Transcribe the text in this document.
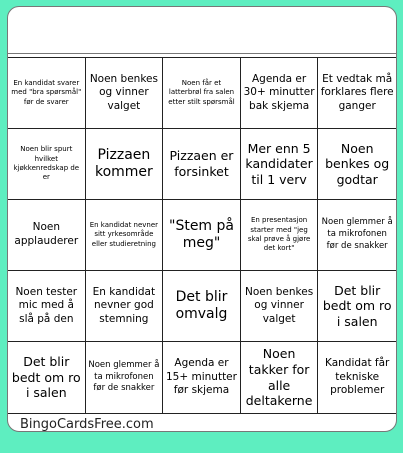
En kandidat svarer med "bra spørsmål" før de svarer
Noen benkes og vinner valget
Noen får et latterbrøl fra salen etter stilt spørsmål
Agenda er 30+ minutter bak skjema
Et vedtak må forklares flere ganger
Noen blir spurt hvilket kjøkkenredskap de er
Pizzaen kommer
Pizzaen er forsinket
Mer enn 5 kandidater til 1 verv
Noen benkes og godtar
Noen applauderer
En kandidat nevner sitt yrkesområde eller studieretning
"Stem på meg"
En presentasjon starter med "jeg skal prøve å gjøre det kort"
Noen glemmer å ta mikrofonen før de snakker
Noen tester mic med å slå på den
En kandidat nevner god stemning
Det blir omvalg
Noen benkes og vinner valget
Det blir bedt om ro i salen
Det blir bedt om ro i salen
Noen glemmer å ta mikrofonen før de snakker
Agenda er 15+ minutter før skjema
Noen takker for alle deltakerne
Kandidat får tekniske problemer
BingoCardsFree.com
